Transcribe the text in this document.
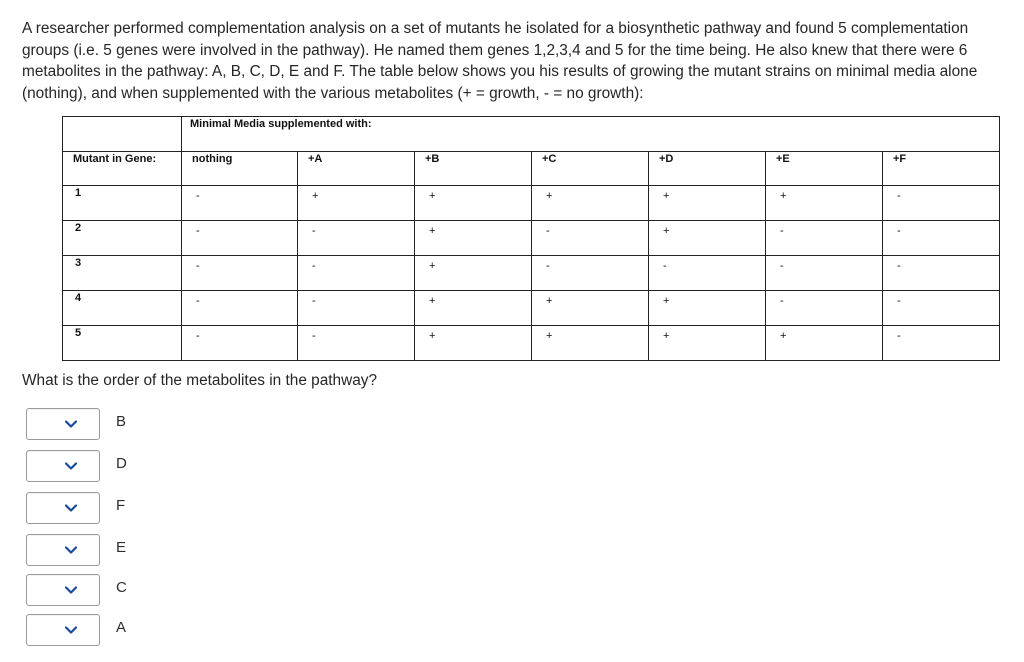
A researcher performed complementation analysis on a set of mutants he isolated for a biosynthetic pathway and found 5 complementation groups (i.e. 5 genes were involved in the pathway). He named them genes 1,2,3,4 and 5 for the time being. He also knew that there were 6 metabolites in the pathway: A, B, C, D, E and F. The table below shows you his results of growing the mutant strains on minimal media alone (nothing), and when supplemented with the various metabolites (+ = growth, - = no growth):

	Minimal Media supplemented with:						

Mutant in Gene:	nothing	+A	+B	+C	+D	+E	+F

1	-	+	+	+	+	+	-

2	-	-	+	-	+	-	-

3	-	-	+	-	-	-	-

4	-	-	+	+	+	-	-

5	-	-	+	+	+	+	-

What is the order of the metabolites in the pathway?

B
D
F
E
C
A
